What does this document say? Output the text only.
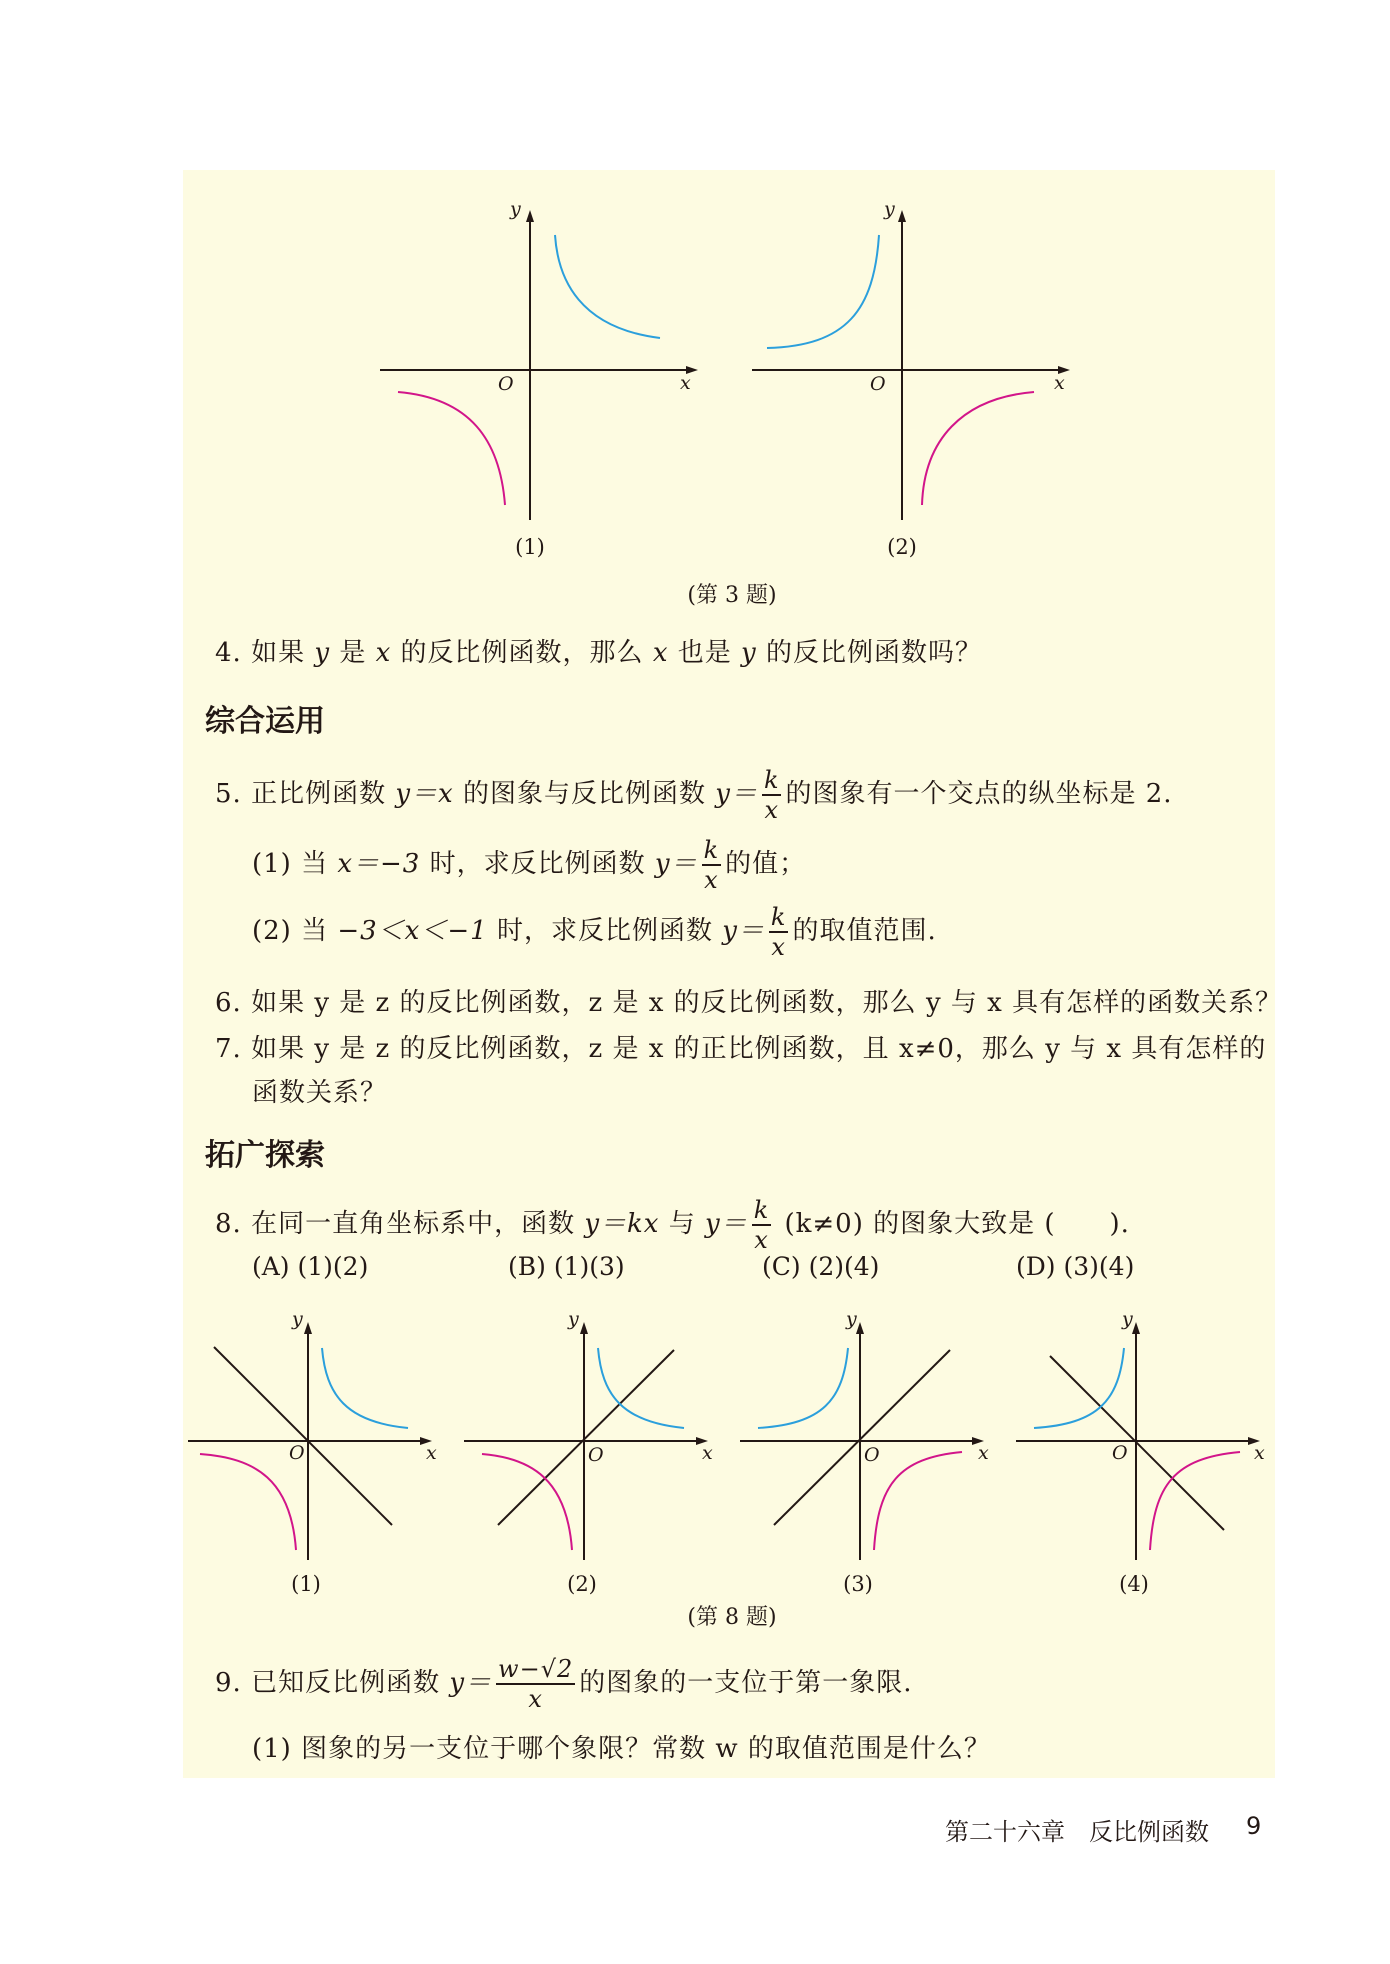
y
x
O
(1)
y
x
O
(2)
(第 3 题)
4. 如果 y 是 x 的反比例函数，那么 x 也是 y 的反比例函数吗？
综合运用
5. 正比例函数 y＝x 的图象与反比例函数 $y= \frac{k}{x}$ 的图象有一个交点的纵坐标是 2.
(1) 当 x＝−3 时，求反比例函数 $y= \frac{k}{x}$ 的值；
(2) 当 −3＜x＜−1 时，求反比例函数 $y= \frac{k}{x}$ 的取值范围.
6. 如果 y 是 z 的反比例函数，z 是 x 的反比例函数，那么 y 与 x 具有怎样的函数关系？
7. 如果 y 是 z 的反比例函数，z 是 x 的正比例函数，且 x≠0，那么 y 与 x 具有怎样的
函数关系？
拓广探索
8. 在同一直角坐标系中，函数 y＝kx 与 $y= \frac{k}{x} (k\ne 0)$ 的图象大致是 (　　).
(A) (1)(2)	(B) (1)(3)	(C) (2)(4)	(D) (3)(4)
y
x
O
(1)
y
x
O
(2)
y
x
O
(3)
y
x
O
(4)
(第 8 题)
9. 已知反比例函数 $y= \frac{w-√2}{x}$ 的图象的一支位于第一象限.
(1) 图象的另一支位于哪个象限？常数 w 的取值范围是什么？
第二十六章　反比例函数 9
